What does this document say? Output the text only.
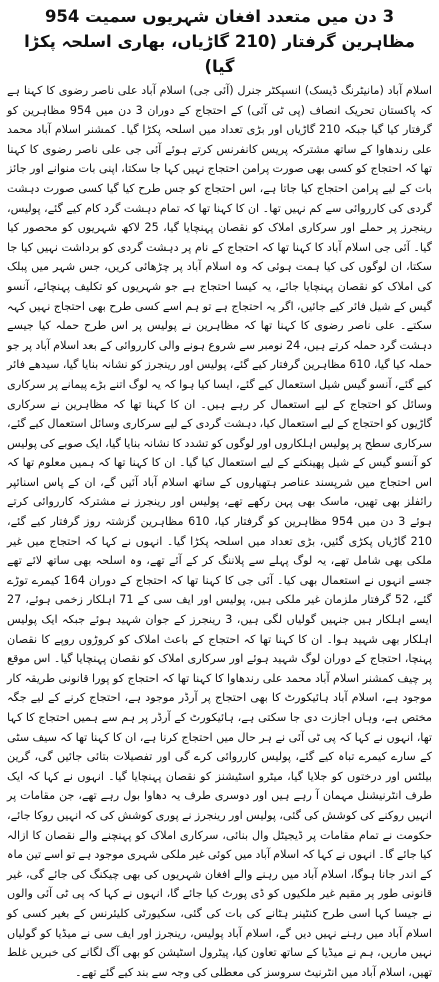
3 دن میں متعدد افغان شہریوں سمیت 954 مظاہرین گرفتار (210 گاڑیاں، بھاری اسلحہ پکڑا گیا)

اسلام آباد (مانیٹرنگ ڈیسک) انسپکٹر جنرل (آئی جی) اسلام آباد علی ناصر رضوی کا کہنا ہے کہ پاکستان تحریک انصاف (پی ٹی آئی) کے احتجاج کے دوران 3 دن میں 954 مظاہرین کو گرفتار کیا گیا جبکہ 210 گاڑیاں اور بڑی تعداد میں اسلحہ پکڑا گیا۔ کمشنر اسلام آباد محمد علی رندھاوا کے ساتھ مشترکہ پریس کانفرنس کرتے ہوئے آئی جی علی ناصر رضوی کا کہنا تھا کہ احتجاج کو کسی بھی صورت پرامن احتجاج نہیں کہا جا سکتا، اپنی بات منوانے اور جائز بات کے لیے پرامن احتجاج کیا جاتا ہے، اس احتجاج کو جس طرح کیا گیا کسی صورت دہشت گردی کی کارروائی سے کم نہیں تھا۔ ان کا کہنا تھا کہ تمام دہشت گرد کام کیے گئے، پولیس، رینجرز پر حملے اور سرکاری املاک کو نقصان پہنچایا گیا، 25 لاکھ شہریوں کو محصور کیا گیا۔ آئی جی اسلام آباد کا کہنا تھا کہ احتجاج کے نام پر دہشت گردی کو برداشت نہیں کیا جا سکتا، ان لوگوں کی کیا ہمت ہوئی کہ وہ اسلام آباد پر چڑھائی کریں، جس شہر میں پبلک کی املاک کو نقصان پہنچایا جائے، یہ کیسا احتجاج ہے جو شہریوں کو تکلیف پہنچائے، آنسو گیس کے شیل فائر کیے جائیں، اگر یہ احتجاج ہے تو ہم اسے کسی طرح بھی احتجاج نہیں کہہ سکتے۔ علی ناصر رضوی کا کہنا تھا کہ مظاہرین نے پولیس پر اس طرح حملہ کیا جیسے دہشت گرد حملہ کرتے ہیں، 24 نومبر سے شروع ہونے والی کارروائی کے بعد اسلام آباد پر جو حملہ کیا گیا، 610 مظاہرین گرفتار کیے گئے، پولیس اور رینجرز کو نشانہ بنایا گیا، سیدھے فائر کیے گئے، آنسو گیس شیل استعمال کیے گئے، ایسا کیا ہوا کہ یہ لوگ اتنے بڑے پیمانے پر سرکاری وسائل کو احتجاج کے لیے استعمال کر رہے ہیں۔ ان کا کہنا تھا کہ مظاہرین نے سرکاری گاڑیوں کو احتجاج کے لیے استعمال کیا، دہشت گردی کے لیے سرکاری وسائل استعمال کیے گئے، سرکاری سطح پر پولیس اہلکاروں اور لوگوں کو تشدد کا نشانہ بنایا گیا، ایک صوبے کی پولیس کو آنسو گیس کے شیل پھینکنے کے لیے استعمال کیا گیا۔ ان کا کہنا تھا کہ ہمیں معلوم تھا کہ اس احتجاج میں شرپسند عناصر ہتھیاروں کے ساتھ اسلام آباد آئیں گے، ان کے پاس اسنائپر رائفلز بھی تھیں، ماسک بھی پہن رکھے تھے، پولیس اور رینجرز نے مشترکہ کارروائی کرتے ہوئے 3 دن میں 954 مظاہرین کو گرفتار کیا، 610 مظاہرین گزشتہ روز گرفتار کیے گئے، 210 گاڑیاں پکڑی گئیں، بڑی تعداد میں اسلحہ پکڑا گیا۔ انہوں نے کہا کہ احتجاج میں غیر ملکی بھی شامل تھے، یہ لوگ پہلے سے پلاننگ کر کے آئے تھے، وہ اسلحہ بھی ساتھ لائے تھے جسے انہوں نے استعمال بھی کیا۔ آئی جی کا کہنا تھا کہ احتجاج کے دوران 164 کیمرے توڑے گئے، 52 گرفتار ملزمان غیر ملکی ہیں، پولیس اور ایف سی کے 71 اہلکار زخمی ہوئے، 27 ایسے اہلکار ہیں جنہیں گولیاں لگی ہیں، 3 رینجرز کے جوان شہید ہوئے جبکہ ایک پولیس اہلکار بھی شہید ہوا۔ ان کا کہنا تھا کہ احتجاج کے باعث املاک کو کروڑوں روپے کا نقصان پہنچا، احتجاج کے دوران لوگ شہید ہوئے اور سرکاری املاک کو نقصان پہنچایا گیا۔ اس موقع پر چیف کمشنر اسلام آباد محمد علی رندھاوا کا کہنا تھا کہ احتجاج کو پورا قانونی طریقہ کار موجود ہے، اسلام آباد ہائیکورٹ کا بھی احتجاج پر آرڈر موجود ہے، احتجاج کرنے کے لیے جگہ مختص ہے، وہاں اجازت دی جا سکتی ہے، ہائیکورٹ کے آرڈر پر ہم سے ہمیں احتجاج کا کہا تھا، انہوں نے کہا کہ پی ٹی آئی نے ہر حال میں احتجاج کرنا ہے، ان کا کہنا تھا کہ سیف سٹی کے سارے کیمرے تباہ کیے گئے، پولیس کارروائی کرے گی اور تفصیلات بتائی جائیں گی، گرین بیلٹس اور درختوں کو جلایا گیا، میٹرو اسٹیشنز کو نقصان پہنچایا گیا۔ انہوں نے کہا کہ ایک طرف انٹرنیشنل مہمان آ رہے ہیں اور دوسری طرف یہ دھاوا بول رہے تھے، جن مقامات پر انہیں روکنے کی کوشش کی گئی، پولیس اور رینجرز نے پوری کوشش کی کہ انہیں روکا جائے، حکومت نے تمام مقامات پر ڈیجیٹل وال بنائی، سرکاری املاک کو پہنچنے والے نقصان کا ازالہ کیا جائے گا۔ انہوں نے کہا کہ اسلام آباد میں کوئی غیر ملکی شہری موجود ہے تو اسے تین ماہ کے اندر جانا ہوگا، اسلام آباد میں رہنے والے افغان شہریوں کی بھی چیکنگ کی جائے گی، غیر قانونی طور پر مقیم غیر ملکیوں کو ڈی پورٹ کیا جائے گا، انہوں نے کہا کہ پی ٹی آئی والوں نے جیسا کہا اسی طرح کنٹینر ہٹانے کی بات کی گئی، سکیورٹی کلیئرنس کے بغیر کسی کو اسلام آباد میں رہنے نہیں دیں گے، اسلام آباد پولیس، رینجرز اور ایف سی نے میڈیا کو گولیاں نہیں ماریں، ہم نے میڈیا کے ساتھ تعاون کیا، پیٹرول اسٹیشن کو بھی آگ لگانے کی خبریں غلط تھیں، اسلام آباد میں انٹرنیٹ سروسز کی معطلی کی وجہ سے بند کیے گئے تھے۔
